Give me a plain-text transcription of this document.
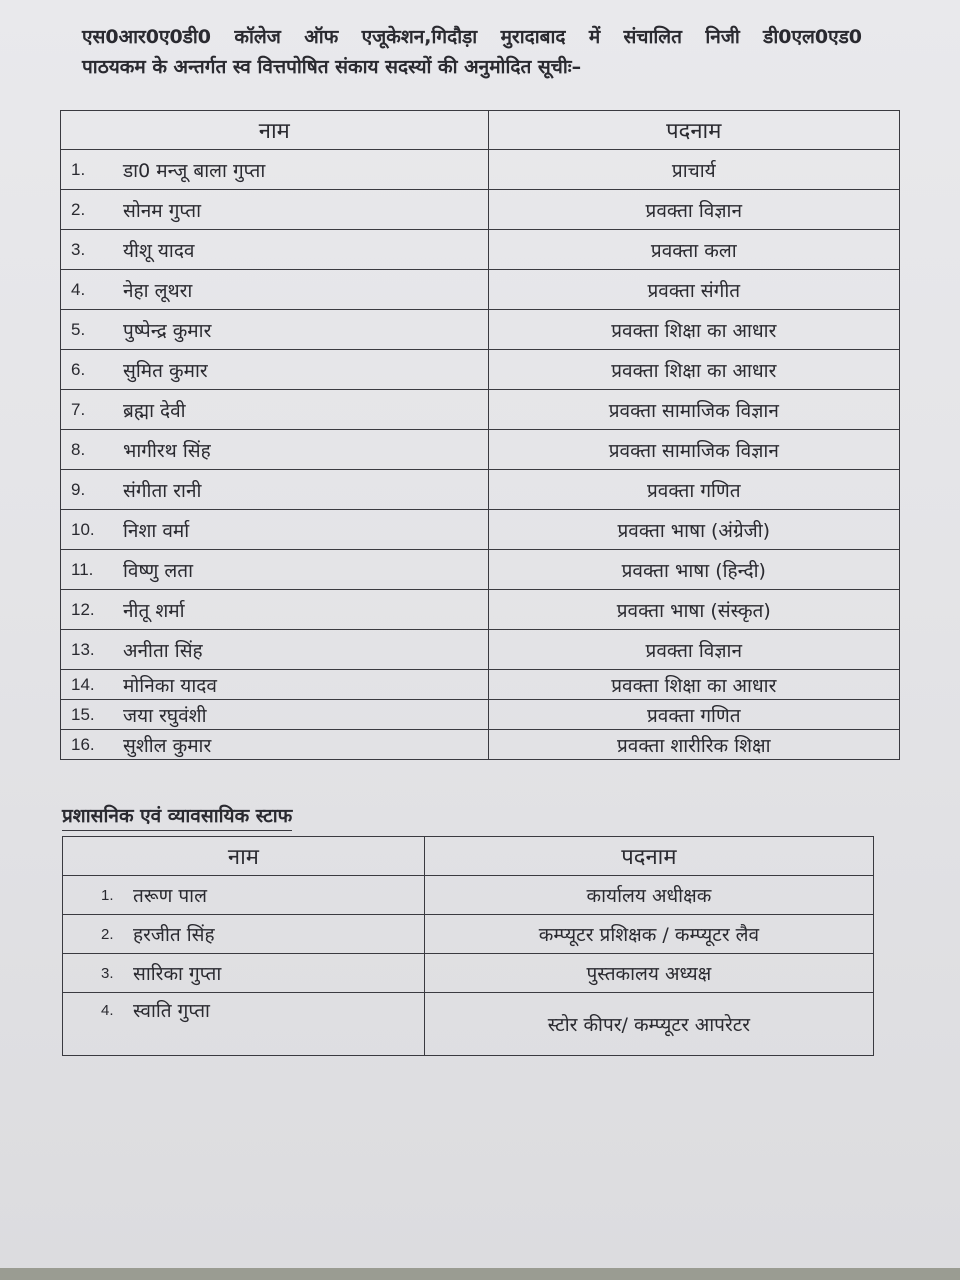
एस0आर0ए0डी0 कॉलेज ऑफ एजूकेशन,गिदौड़ा मुरादाबाद में संचालित निजी डी0एल0एड0

पाठयकम के अन्तर्गत स्व वित्तपोषित संकाय सदस्यों की अनुमोदित सूचीः–

नाम	पदनाम

1. डा0 मन्जू बाला गुप्ता	प्राचार्य

2. सोनम गुप्ता	प्रवक्ता विज्ञान

3. यीशू यादव	प्रवक्ता कला

4. नेहा लूथरा	प्रवक्ता संगीत

5. पुष्पेन्द्र कुमार	प्रवक्ता शिक्षा का आधार

6. सुमित कुमार	प्रवक्ता शिक्षा का आधार

7. ब्रह्मा देवी	प्रवक्ता सामाजिक विज्ञान

8. भागीरथ सिंह	प्रवक्ता सामाजिक विज्ञान

9. संगीता रानी	प्रवक्ता गणित

10. निशा वर्मा	प्रवक्ता भाषा (अंग्रेजी)

11. विष्णु लता	प्रवक्ता भाषा (हिन्दी)

12. नीतू शर्मा	प्रवक्ता भाषा (संस्कृत)

13. अनीता सिंह	प्रवक्ता विज्ञान

14. मोनिका यादव	प्रवक्ता शिक्षा का आधार

15. जया रघुवंशी	प्रवक्ता गणित

16. सुशील कुमार	प्रवक्ता शारीरिक शिक्षा
प्रशासनिक एवं व्यावसायिक स्टाफ
नाम	पदनाम

1. तरूण पाल	कार्यालय अधीक्षक

2. हरजीत सिंह	कम्प्यूटर प्रशिक्षक / कम्प्यूटर लैव

3. सारिका गुप्ता	पुस्तकालय अध्यक्ष

4. स्वाति गुप्ता	स्टोर कीपर/ कम्प्यूटर आपरेटर
